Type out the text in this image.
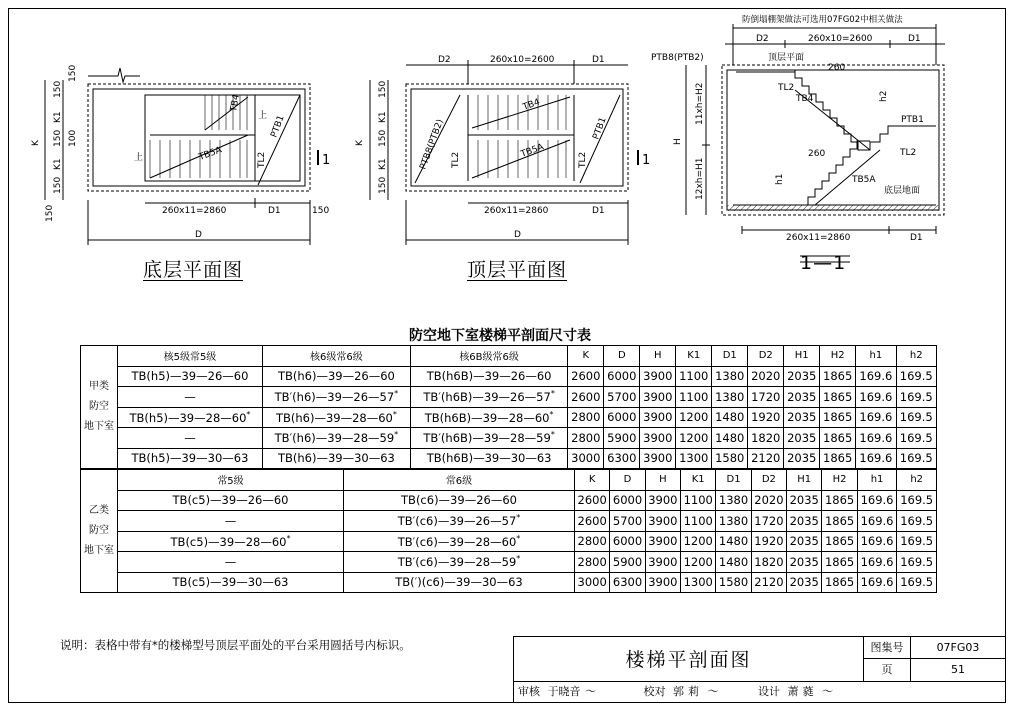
K
K1
K1
150
150
100
150
150
150	260x11=2860	D1	150
D
TB4
TB5A
PTB1
TL2
上
上	1
D2	260x10=2600	D1
K
K1
K1
150
150
150
260x11=2860	D1
D
TB4
TB5A
PTB1
PTB8(PTB2) TL2	TL2	1
防倒塌棚架做法可选用07FG02中相关做法
D2	260x10=2600	D1
PTB8(PTB2)	顶层平面
260
TL2
TB4	h2
PTB1
TL2
260
h1	TB5A
底层地面
H
11xh=H2
12xh=H1
260x11=2860	D1
底层平面图	顶层平面图	1—1
防空地下室楼梯平剖面尺寸表
甲类
防空
地下室	核5级常5级	核6级常6级	核6B级常6级	K	D	H	K1	D1	D2	H1	H2	h1	h2
	TB(h5)—39—26—60	TB(h6)—39—26—60	TB(h6B)—39—26—60	2600	6000	3900	1100	1380	2020	2035	1865	169.6	169.5
	—	TB′(h6)—39—26—57*	TB′(h6B)—39—26—57*	2600	5700	3900	1100	1380	1720	2035	1865	169.6	169.5
	TB(h5)—39—28—60*	TB(h6)—39—28—60*	TB(h6B)—39—28—60*	2800	6000	3900	1200	1480	1920	2035	1865	169.6	169.5
	—	TB′(h6)—39—28—59*	TB′(h6B)—39—28—59*	2800	5900	3900	1200	1480	1820	2035	1865	169.6	169.5
	TB(h5)—39—30—63	TB(h6)—39—30—63	TB(h6B)—39—30—63	3000	6300	3900	1300	1580	2120	2035	1865	169.6	169.5
乙类
防空
地下室	常5级	常6级	K	D	H	K1	D1	D2	H1	H2	h1	h2
	TB(c5)—39—26—60	TB(c6)—39—26—60	2600	6000	3900	1100	1380	2020	2035	1865	169.6	169.5
	—	TB′(c6)—39—26—57*	2600	5700	3900	1100	1380	1720	2035	1865	169.6	169.5
	TB(c5)—39—28—60*	TB′(c6)—39—28—60*	2800	6000	3900	1200	1480	1920	2035	1865	169.6	169.5
	—	TB′(c6)—39—28—59*	2800	5900	3900	1200	1480	1820	2035	1865	169.6	169.5
	TB(c5)—39—30—63	TB(′)(c6)—39—30—63	3000	6300	3900	1300	1580	2120	2035	1865	169.6	169.5
说明：表格中带有*的楼梯型号顶层平面处的平台采用圆括号内标识。
楼梯平剖面图
图集号	07FG03
页	51
审核 于晓音 〜	校对 郭莉 〜	设计 萧蕤 〜
